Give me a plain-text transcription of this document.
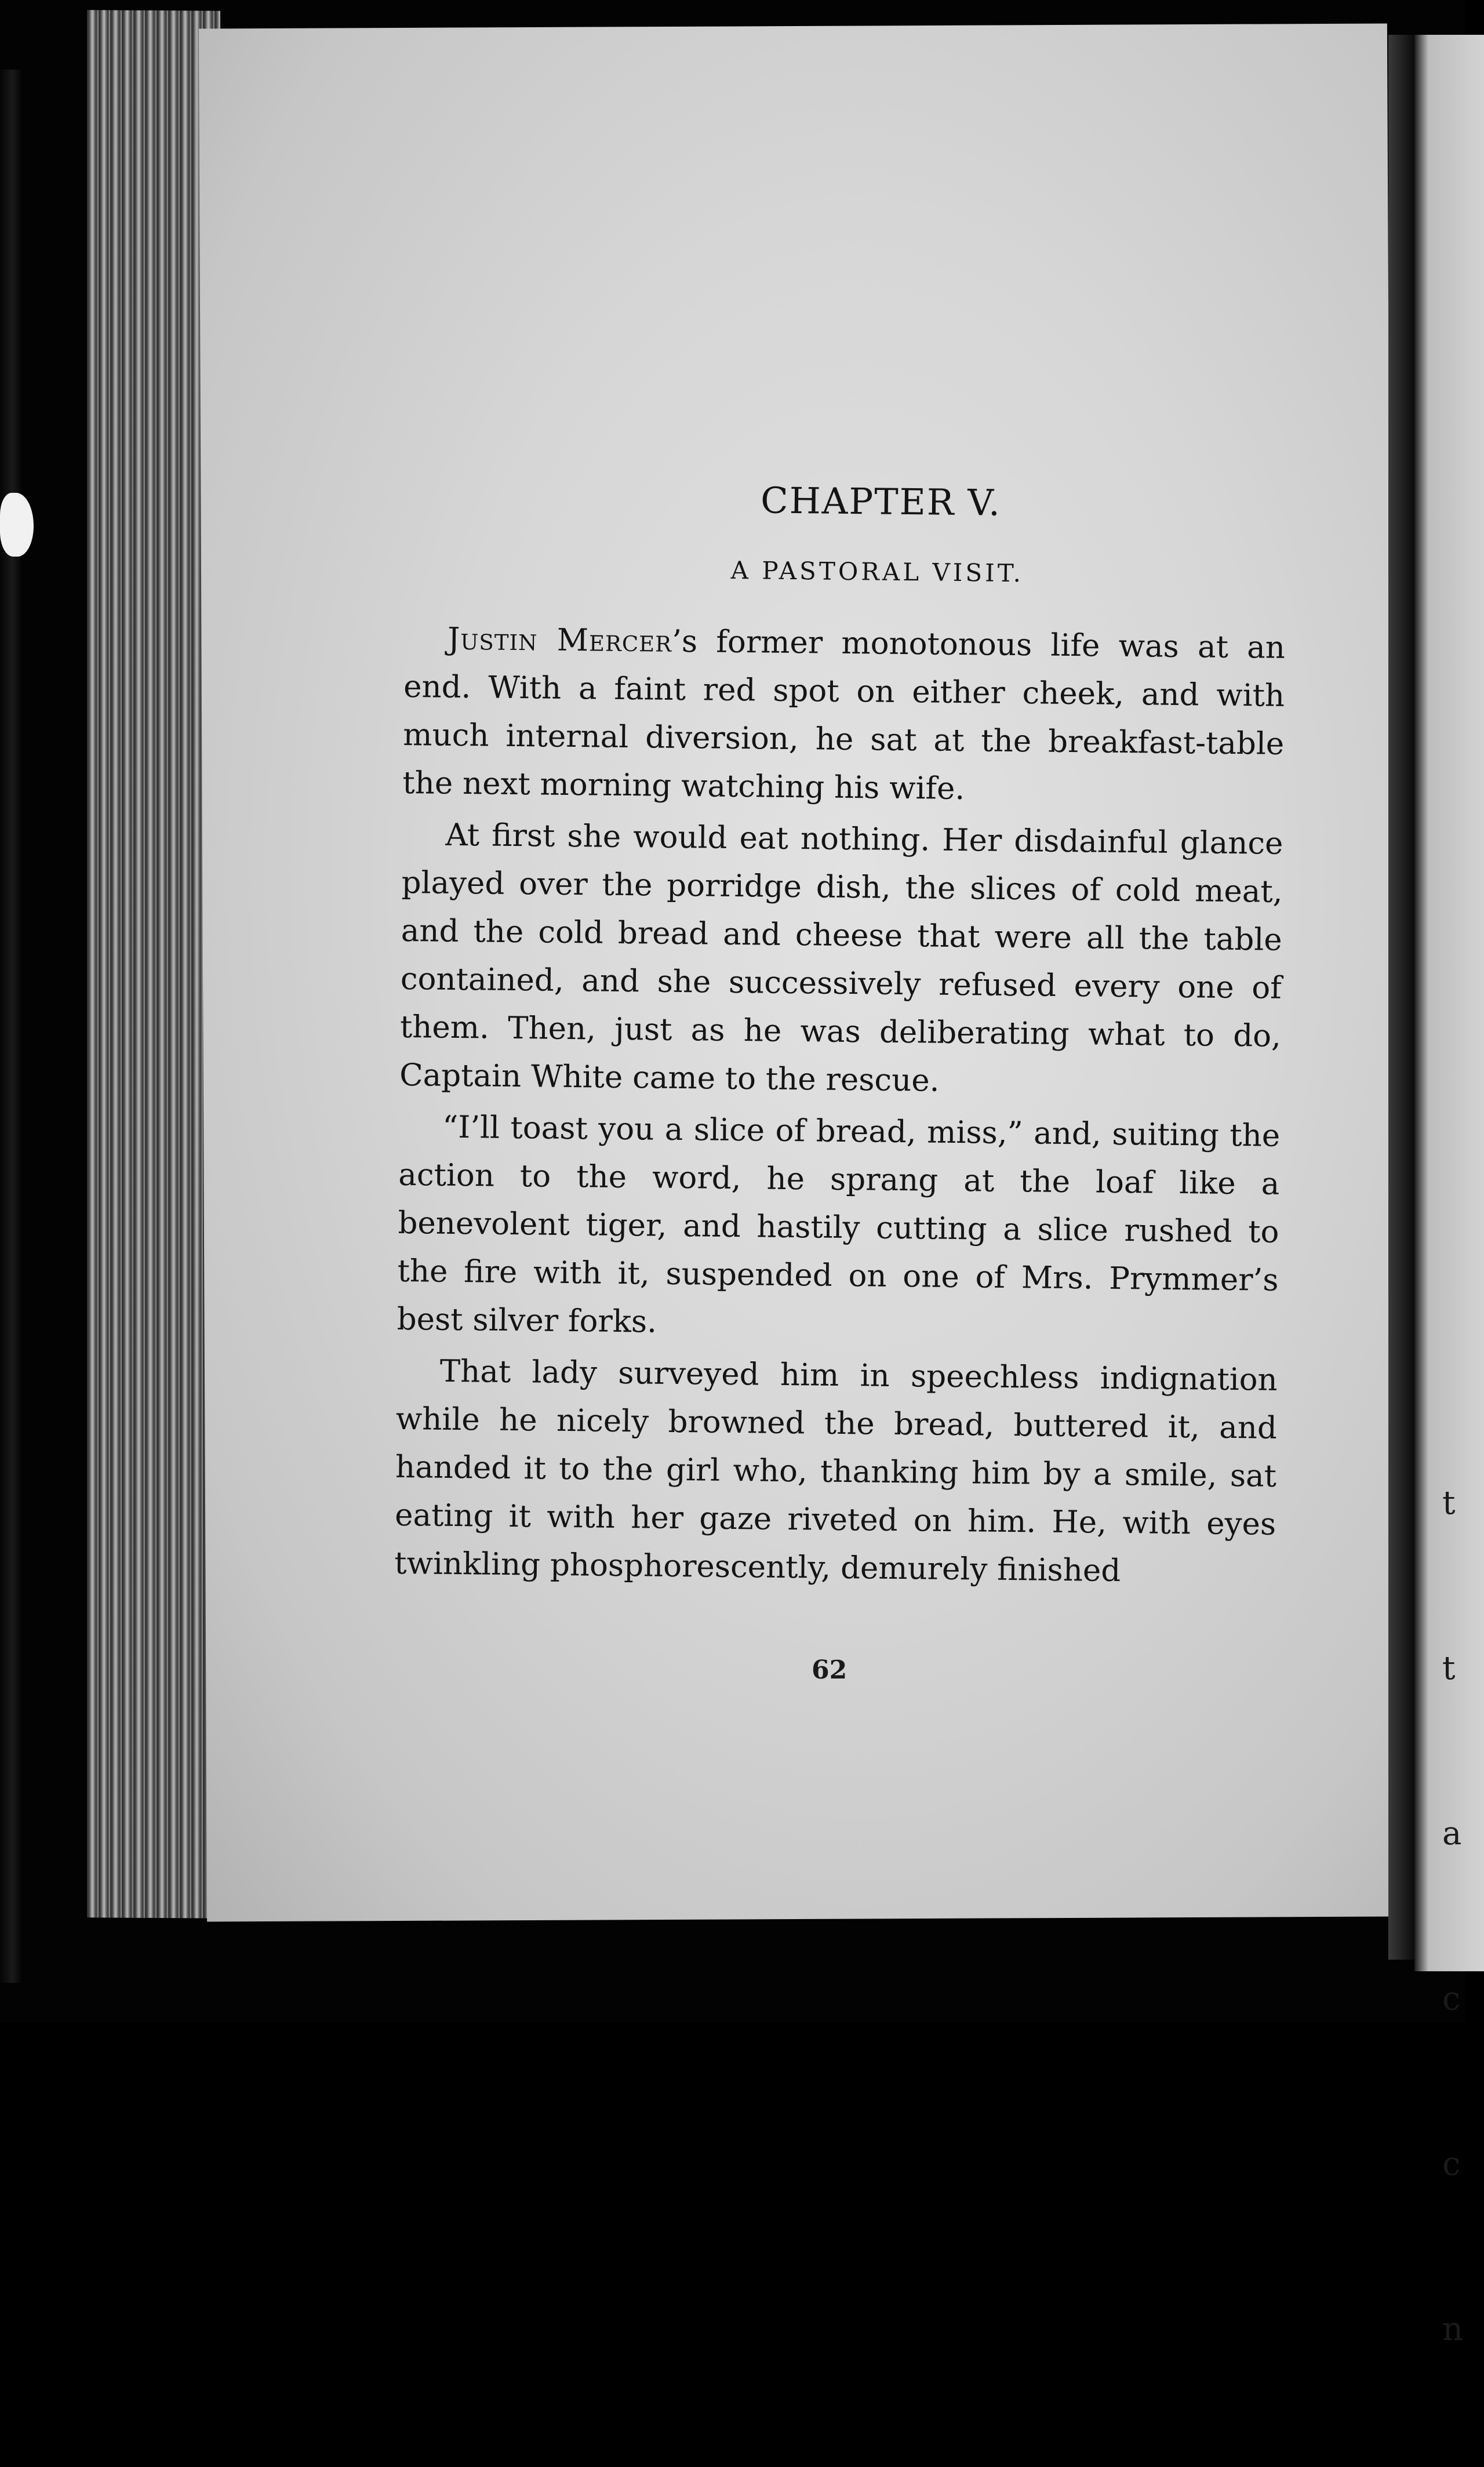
t

t

a

c

c

n

CHAPTER V.
A PASTORAL VISIT.

Justin Mercer’s former monotonous life was at an end. With a faint red spot on either cheek, and with much internal diversion, he sat at the breakfast-table the next morning watching his wife.

At first she would eat nothing. Her disdainful glance played over the porridge dish, the slices of cold meat, and the cold bread and cheese that were all the table contained, and she successively refused every one of them. Then, just as he was deliberating what to do, Captain White came to the rescue.

“I’ll toast you a slice of bread, miss,” and, suiting the action to the word, he sprang at the loaf like a benevolent tiger, and hastily cutting a slice rushed to the fire with it, suspended on one of Mrs. Prymmer’s best silver forks.

That lady surveyed him in speechless indignation while he nicely browned the bread, buttered it, and handed it to the girl who, thanking him by a smile, sat eating it with her gaze riveted on him. He, with eyes twinkling phosphorescently, demurely finished

62
